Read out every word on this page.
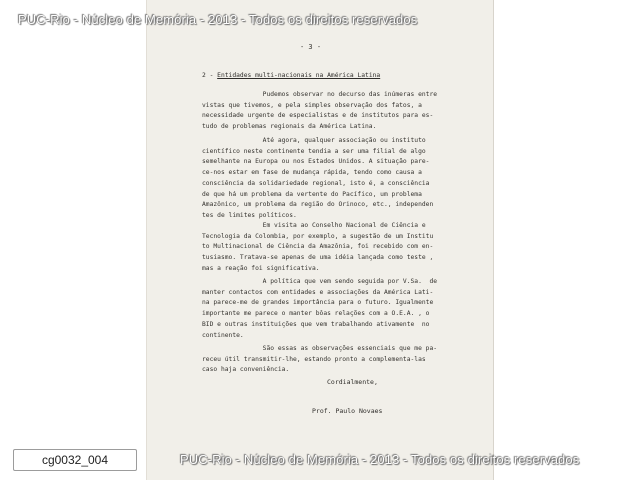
PUC-Rio - Núcleo de Memória - 2013 - Todos os direitos reservados
- 3 -
2 - Entidades multi-nacionais na América Latina
Pudemos observar no decurso das inúmeras entre
vistas que tivemos, e pela simples observação dos fatos, a
necessidade urgente de especialistas e de institutos para es-
tudo de problemas regionais da América Latina.
Até agora, qualquer associação ou instituto
científico neste continente tendia a ser uma filial de algo
semelhante na Europa ou nos Estados Unidos. A situação pare-
ce-nos estar em fase de mudança rápida, tendo como causa a
consciência da solidariedade regional, isto é, a consciência
de que há um problema da vertente do Pacífico, um problema
Amazônico, um problema da região do Orinoco, etc., independen
tes de limites políticos.
Em visita ao Conselho Nacional de Ciência e
Tecnologia da Colombia, por exemplo, a sugestão de um Institu
to Multinacional de Ciência da Amazônia, foi recebido com en-
tusiasmo. Tratava-se apenas de uma idéia lançada como teste ,
mas a reação foi significativa.
A política que vem sendo seguida por V.Sa.  de
manter contactos com entidades e associações da América Lati-
na parece-me de grandes importância para o futuro. Igualmente
importante me parece o manter bôas relações com a O.E.A. , o
BID e outras instituições que vem trabalhando ativamente  no
continente.
São essas as observações essenciais que me pa-
receu útil transmitir-lhe, estando pronto a complementa-las
caso haja conveniência.
Cordialmente,
Prof. Paulo Novaes
cg0032_004	PUC-Rio - Núcleo de Memória - 2013 - Todos os direitos reservados
